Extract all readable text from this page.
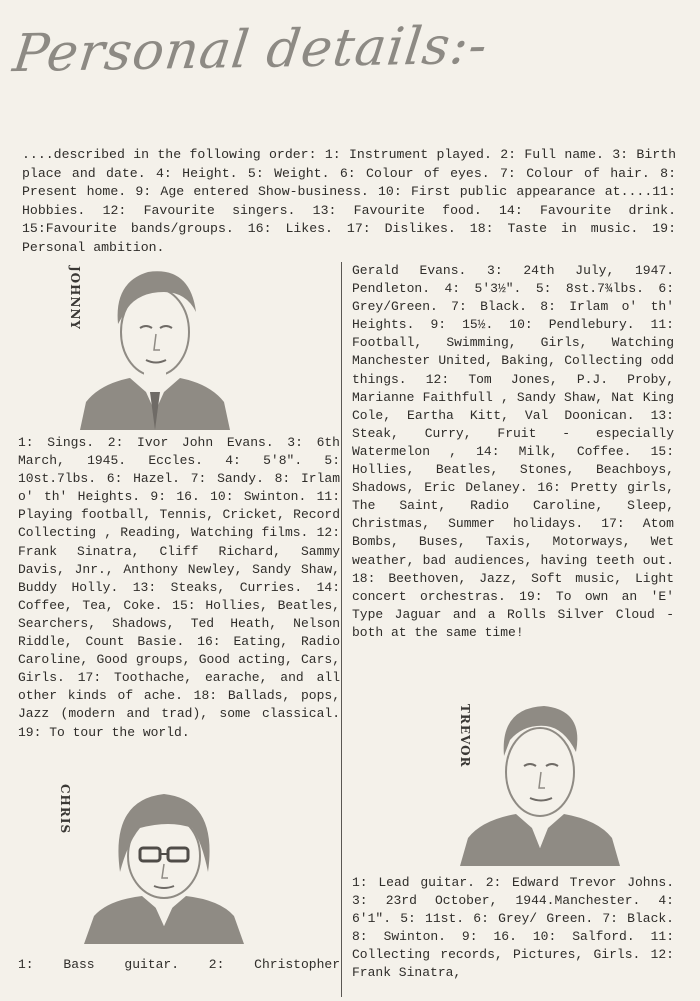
Personal details:-
....described in the following order: 1: Instrument played. 2: Full name. 3: Birth place and date. 4: Height. 5: Weight. 6: Colour of eyes. 7: Colour of hair. 8: Present home. 9: Age entered Show-business. 10: First public appearance at....11: Hobbies. 12: Favourite singers. 13: Favourite food. 14: Favourite drink. 15:Favourite bands/groups. 16: Likes. 17: Dislikes. 18: Taste in music. 19: Personal ambition.
JOHNNY	Gerald Evans. 3: 24th July, 1947. Pendleton. 4: 5'3½". 5: 8st.7¾lbs. 6: Grey/Green. 7: Black. 8: Irlam o' th' Heights. 9: 15½. 10: Pendlebury. 11: Football, Swimming, Girls, Watching Manchester United, Baking, Collecting odd things. 12: Tom Jones, P.J. Proby, Marianne Faithfull , Sandy Shaw, Nat King Cole, Eartha Kitt, Val Doonican. 13: Steak, Curry, Fruit - especially Watermelon , 14: Milk, Coffee. 15: Hollies, Beatles, Stones, Beachboys, Shadows, Eric Delaney. 16: Pretty girls, The Saint, Radio Caroline, Sleep, Christmas, Summer holidays. 17: Atom Bombs, Buses, Taxis, Motorways, Wet weather, bad audiences, having teeth out. 18: Beethoven, Jazz, Soft music, Light concert orchestras. 19: To own an 'E' Type Jaguar and a Rolls Silver Cloud - both at the same time!
1: Sings. 2: Ivor John Evans. 3: 6th March, 1945. Eccles. 4: 5'8". 5: 10st.7lbs. 6: Hazel. 7: Sandy. 8: Irlam o' th' Heights. 9: 16. 10: Swinton. 11: Playing football, Tennis, Cricket, Record Collecting , Reading, Watching films. 12: Frank Sinatra, Cliff Richard, Sammy Davis, Jnr., Anthony Newley, Sandy Shaw, Buddy Holly. 13: Steaks, Curries. 14: Coffee, Tea, Coke. 15: Hollies, Beatles, Searchers, Shadows, Ted Heath, Nelson Riddle, Count Basie. 16: Eating, Radio Caroline, Good groups, Good acting, Cars, Girls. 17: Toothache, earache, and all other kinds of ache. 18: Ballads, pops, Jazz (modern and trad), some classical. 19: To tour the world.	TREVOR
CHRIS
1: Bass guitar. 2: Christopher
1: Lead guitar. 2: Edward Trevor Johns. 3: 23rd October, 1944.Manchester. 4: 6'1". 5: 11st. 6: Grey/ Green. 7: Black. 8: Swinton. 9: 16. 10: Salford. 11: Collecting records, Pictures, Girls. 12: Frank Sinatra,
